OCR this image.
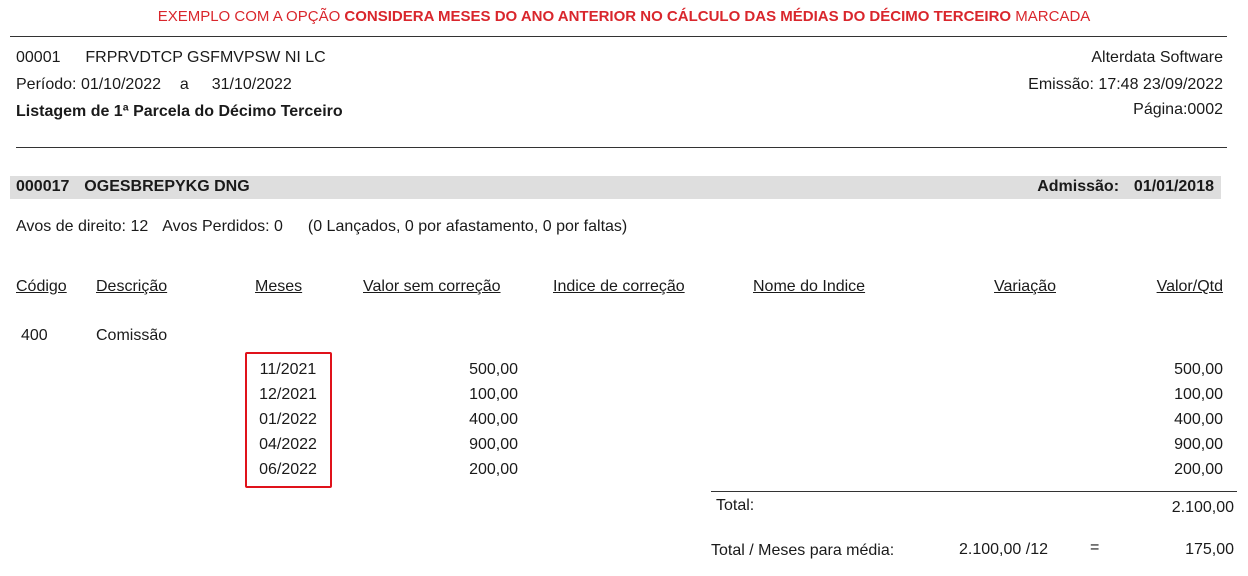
EXEMPLO COM A OPÇÃO CONSIDERA MESES DO ANO ANTERIOR NO CÁLCULO DAS MÉDIAS DO DÉCIMO TERCEIRO MARCADA
00001 FRPRVDTCP GSFMVPSW NI LC
Período: 01/10/2022 a 31/10/2022
Listagem de 1ª Parcela do Décimo Terceiro
Alterdata Software
Emissão: 17:48 23/09/2022
Página:0002
000017 OGESBREPYKG DNG	Admissão: 01/01/2018
Avos de direito: 12 Avos Perdidos: 0 (0 Lançados, 0 por afastamento, 0 por faltas)
Código Descrição	Meses	Valor sem correção	Indice de correção	Nome do Indice	Variação	Valor/Qtd
400	Comissão
11/2021	500,00	500,00
12/2021	100,00	100,00
01/2022	400,00	400,00
04/2022	900,00	900,00
06/2022	200,00	200,00
Total:	2.100,00
Total / Meses para média:	2.100,00 /12	=	175,00
